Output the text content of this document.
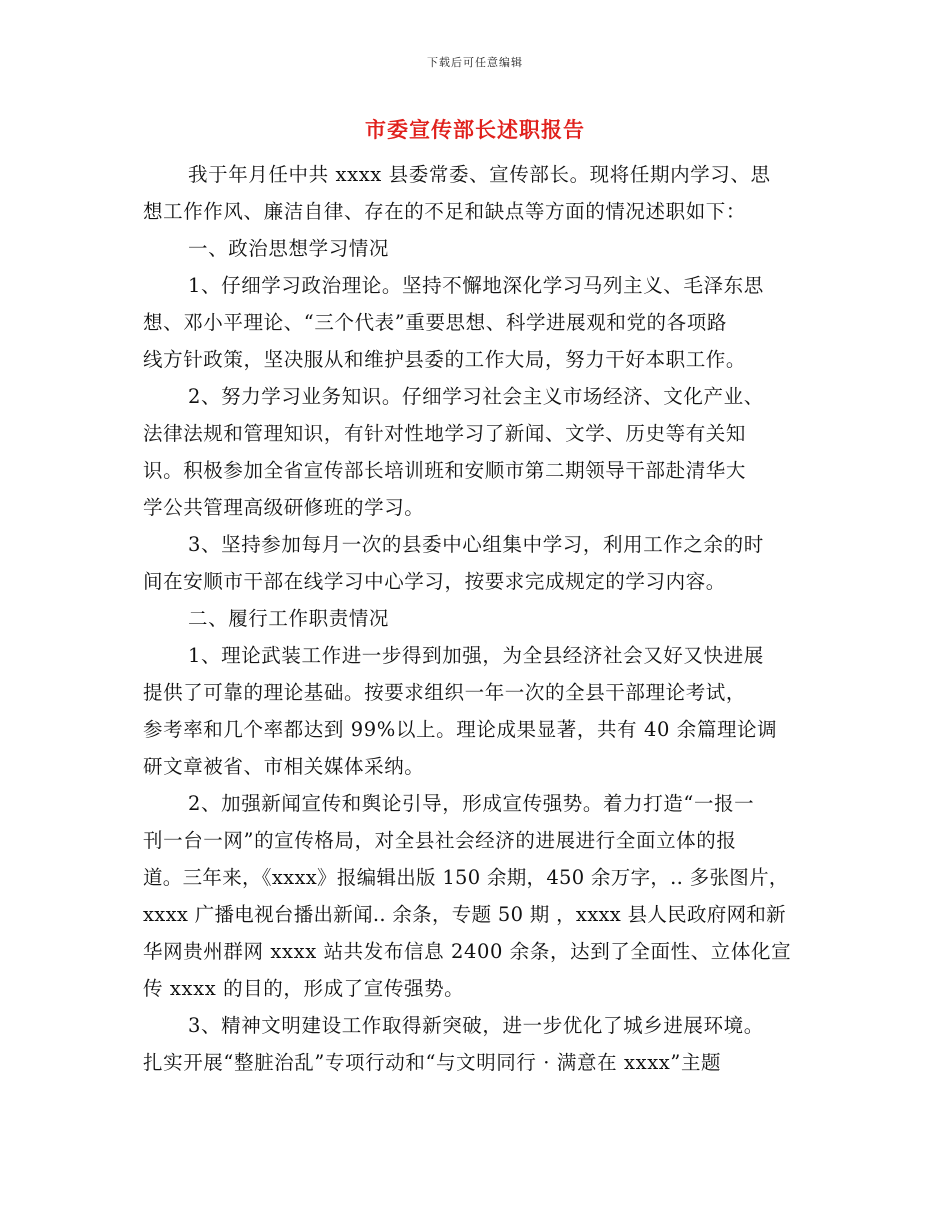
下载后可任意编辑
市委宣传部长述职报告
我于年月任中共 xxxx 县委常委、宣传部长。现将任期内学习、思
想工作作风、廉洁自律、存在的不足和缺点等方面的情况述职如下：
一、政治思想学习情况
1、仔细学习政治理论。坚持不懈地深化学习马列主义、毛泽东思
想、邓小平理论、“三个代表”重要思想、科学进展观和党的各项路
线方针政策，坚决服从和维护县委的工作大局，努力干好本职工作。
2、努力学习业务知识。仔细学习社会主义市场经济、文化产业、
法律法规和管理知识，有针对性地学习了新闻、文学、历史等有关知
识。积极参加全省宣传部长培训班和安顺市第二期领导干部赴清华大
学公共管理高级研修班的学习。
3、坚持参加每月一次的县委中心组集中学习，利用工作之余的时
间在安顺市干部在线学习中心学习，按要求完成规定的学习内容。
二、履行工作职责情况
1、理论武装工作进一步得到加强，为全县经济社会又好又快进展
提供了可靠的理论基础。按要求组织一年一次的全县干部理论考试，
参考率和几个率都达到 99%以上。理论成果显著，共有 40 余篇理论调
研文章被省、市相关媒体采纳。
2、加强新闻宣传和舆论引导，形成宣传强势。着力打造“一报一
刊一台一网”的宣传格局，对全县社会经济的进展进行全面立体的报
道。三年来，《xxxx》报编辑出版 150 余期，450 余万字，.. 多张图片，
xxxx 广播电视台播出新闻.. 余条，专题 50 期 ，xxxx 县人民政府网和新
华网贵州群网 xxxx 站共发布信息 2400 余条，达到了全面性、立体化宣
传 xxxx 的目的，形成了宣传强势。
3、精神文明建设工作取得新突破，进一步优化了城乡进展环境。
扎实开展“整脏治乱”专项行动和“与文明同行 · 满意在 xxxx”主题
